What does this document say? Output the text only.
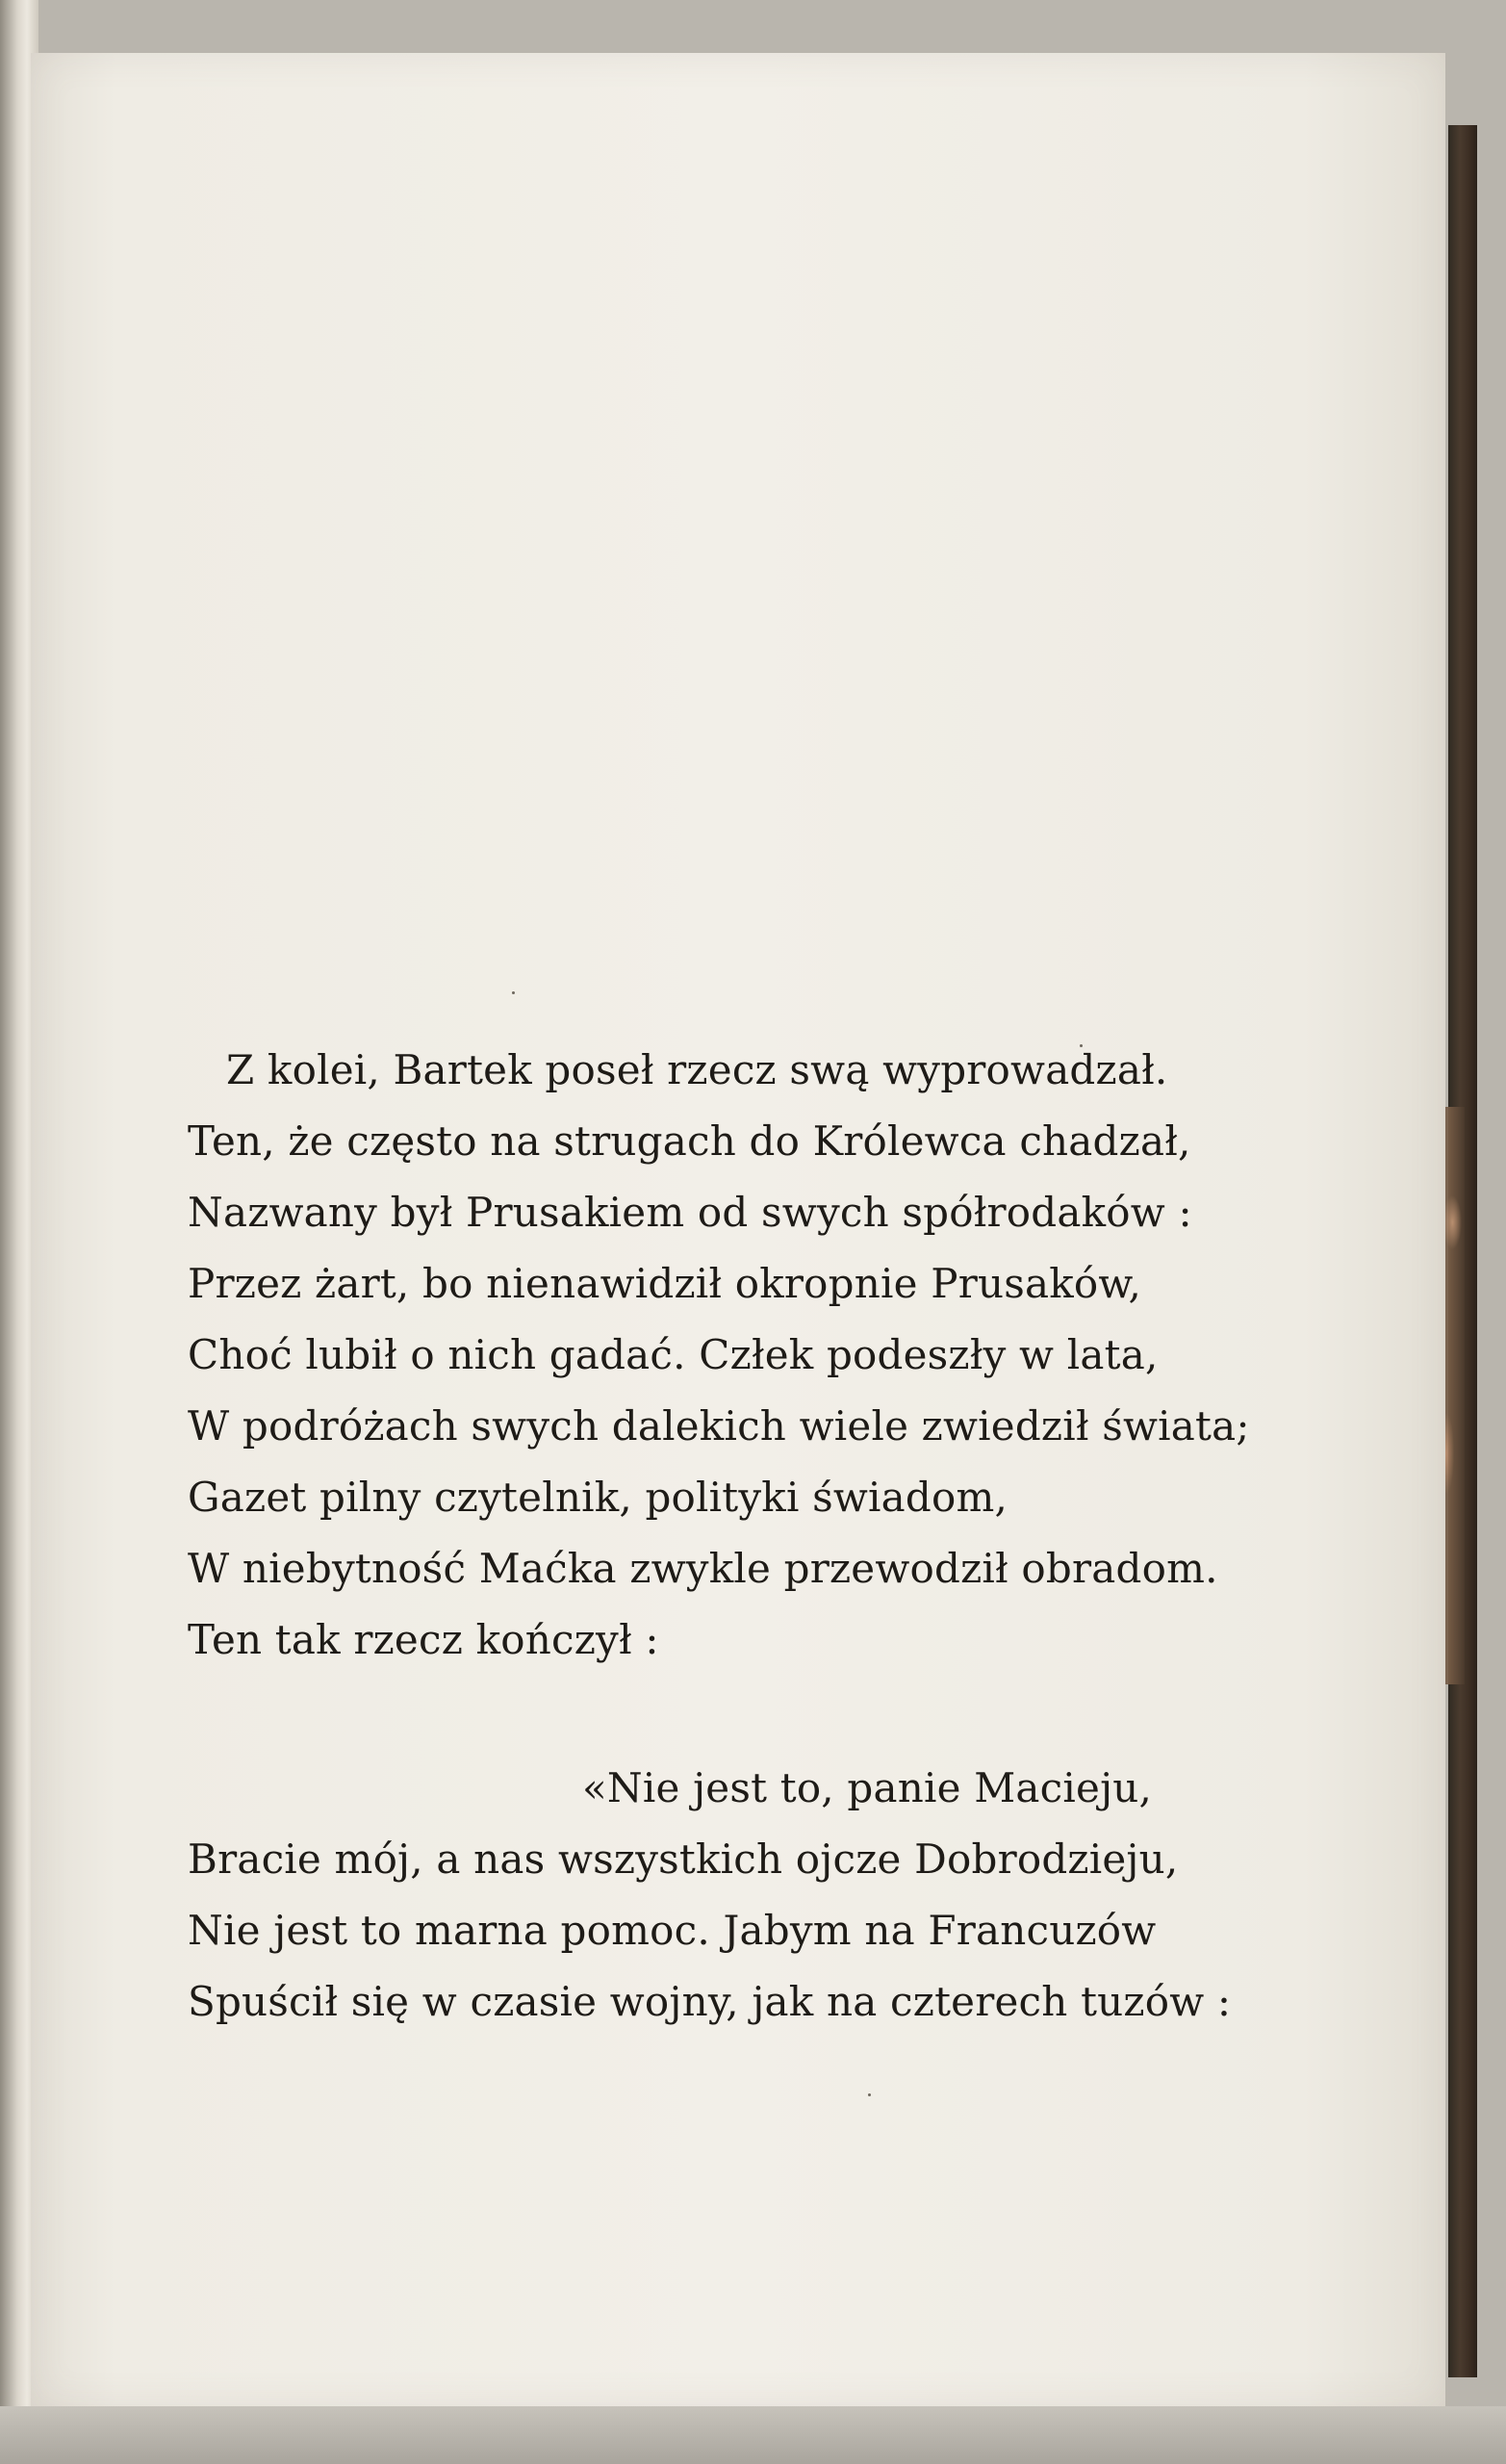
Z kolei, Bartek poseł rzecz swą wyprowadzał.
Ten, że często na strugach do Królewca chadzał,
Nazwany był Prusakiem od swych spółrodaków :
Przez żart, bo nienawidził okropnie Prusaków,
Choć lubił o nich gadać. Człek podeszły w lata,
W podróżach swych dalekich wiele zwiedził świata;
Gazet pilny czytelnik, polityki świadom,
W niebytność Maćka zwykle przewodził obradom.
Ten tak rzecz kończył :
«Nie jest to, panie Macieju,
Bracie mój, a nas wszystkich ojcze Dobrodzieju,
Nie jest to marna pomoc. Jabym na Francuzów
Spuścił się w czasie wojny, jak na czterech tuzów :
